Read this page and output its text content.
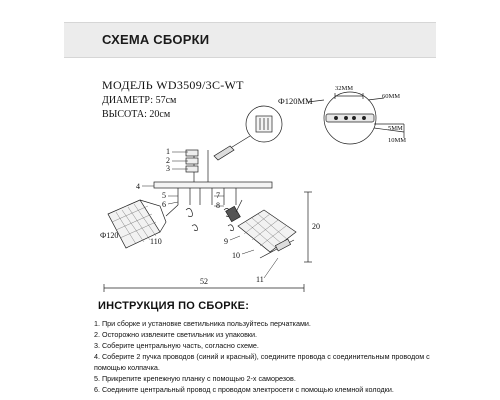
СХЕМА СБОРКИ
МОДЕЛЬ WD3509/3C-WT
ДИАМЕТР: 57см
ВЫСОТА: 20см
Ф120ММ
32ММ
60ММ
5ММ
10ММ
1
2
3
4
5
6
7
8
9
10
11
Ф120
110
20
52
ИНСТРУКЦИЯ ПО СБОРКЕ:
1. При сборке и установке светильника пользуйтесь перчатками.
2. Осторожно извлеките светильник из упаковки.
3. Соберите центральную часть, согласно схеме.
4. Соберите 2 пучка проводов (синий и красный), соедините провода с соединительным проводом с помощью колпачка.
5. Прикрепите крепежную планку с помощью 2-х саморезов.
6. Соедините центральный провод с проводом электросети с помощью клемной колодки.
